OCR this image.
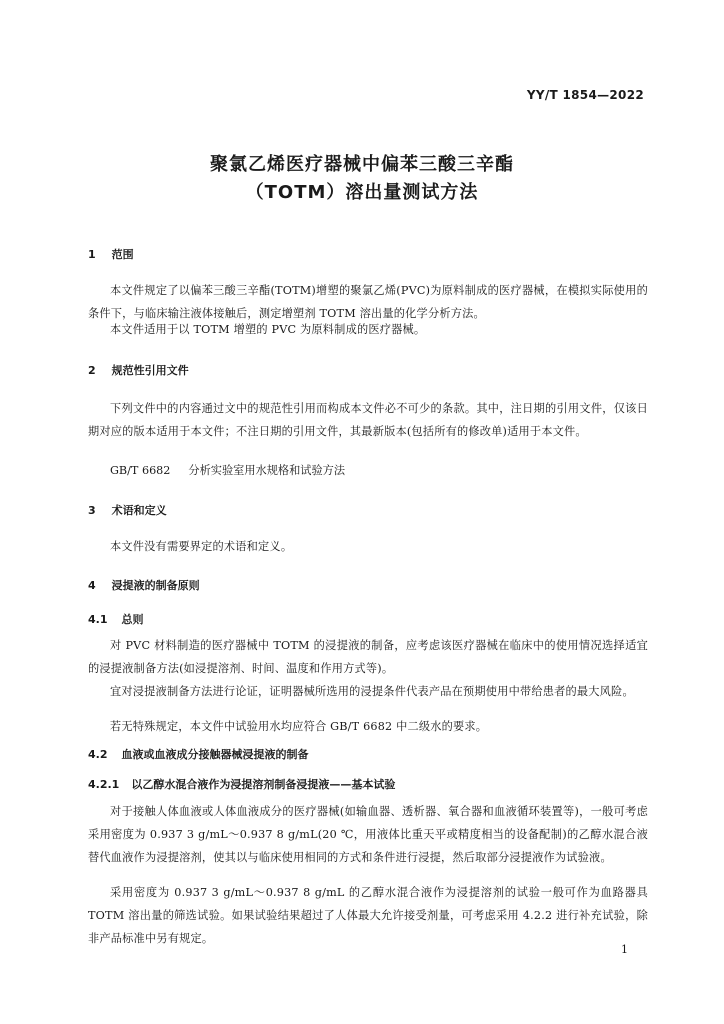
YY/T 1854—2022
聚氯乙烯医疗器械中偏苯三酸三辛酯
（TOTM）溶出量测试方法
1 范围

本文件规定了以偏苯三酸三辛酯(TOTM)增塑的聚氯乙烯(PVC)为原料制成的医疗器械，在模拟实际使用的条件下，与临床输注液体接触后，测定增塑剂 TOTM 溶出量的化学分析方法。

本文件适用于以 TOTM 增塑的 PVC 为原料制成的医疗器械。

2 规范性引用文件

下列文件中的内容通过文中的规范性引用而构成本文件必不可少的条款。其中，注日期的引用文件，仅该日期对应的版本适用于本文件；不注日期的引用文件，其最新版本(包括所有的修改单)适用于本文件。

GB/T 6682 分析实验室用水规格和试验方法
3 术语和定义

本文件没有需要界定的术语和定义。

4 浸提液的制备原则
4.1 总则

对 PVC 材料制造的医疗器械中 TOTM 的浸提液的制备，应考虑该医疗器械在临床中的使用情况选择适宜的浸提液制备方法(如浸提溶剂、时间、温度和作用方式等)。

宜对浸提液制备方法进行论证，证明器械所选用的浸提条件代表产品在预期使用中带给患者的最大风险。

若无特殊规定，本文件中试验用水均应符合 GB/T 6682 中二级水的要求。

4.2 血液或血液成分接触器械浸提液的制备
4.2.1 以乙醇水混合液作为浸提溶剂制备浸提液——基本试验

对于接触人体血液或人体血液成分的医疗器械(如输血器、透析器、氧合器和血液循环装置等)，一般可考虑采用密度为 0.937 3 g/mL～0.937 8 g/mL(20 ℃，用液体比重天平或精度相当的设备配制)的乙醇水混合液替代血液作为浸提溶剂，使其以与临床使用相同的方式和条件进行浸提，然后取部分浸提液作为试验液。

采用密度为 0.937 3 g/mL～0.937 8 g/mL 的乙醇水混合液作为浸提溶剂的试验一般可作为血路器具 TOTM 溶出量的筛选试验。如果试验结果超过了人体最大允许接受剂量，可考虑采用 4.2.2 进行补充试验，除非产品标准中另有规定。

1
